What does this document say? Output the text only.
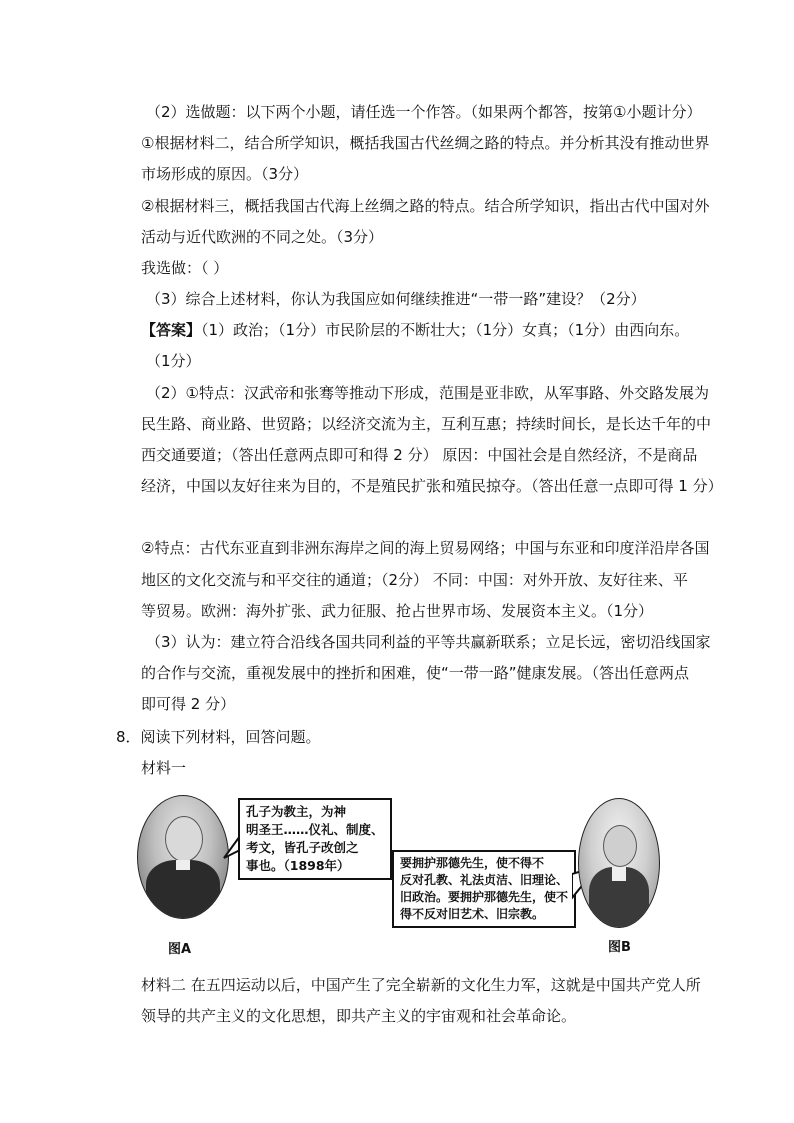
（2）选做题：以下两个小题，请任选一个作答。（如果两个都答，按第①小题计分）
①根据材料二，结合所学知识，概括我国古代丝绸之路的特点。并分析其没有推动世界
市场形成的原因。（3分）
②根据材料三，概括我国古代海上丝绸之路的特点。结合所学知识，指出古代中国对外
活动与近代欧洲的不同之处。（3分）
我选做：（ ）
（3）综合上述材料，你认为我国应如何继续推进“一带一路”建设？（2分）
【答案】（1）政治；（1分）市民阶层的不断壮大；（1分）女真；（1分）由西向东。
（1分）
（2）①特点：汉武帝和张骞等推动下形成，范围是亚非欧，从军事路、外交路发展为
民生路、商业路、世贸路；以经济交流为主，互利互惠；持续时间长，是长达千年的中
西交通要道；（答出任意两点即可和得 2 分） 原因：中国社会是自然经济，不是商品
经济，中国以友好往来为目的，不是殖民扩张和殖民掠夺。（答出任意一点即可得 1 分）
②特点：古代东亚直到非洲东海岸之间的海上贸易网络；中国与东亚和印度洋沿岸各国
地区的文化交流与和平交往的通道；（2分） 不同：中国：对外开放、友好往来、平
等贸易。欧洲：海外扩张、武力征服、抢占世界市场、发展资本主义。（1分）
（3）认为：建立符合沿线各国共同利益的平等共赢新联系；立足长远，密切沿线国家
的合作与交流，重视发展中的挫折和困难，使“一带一路”健康发展。（答出任意两点
即可得 2 分）
8．阅读下列材料，回答问题。
材料一
孔子为教主，为神
明圣王……仪礼、制度、
考文，皆孔子改创之
事也。（1898年）
图A
要拥护那德先生，使不得不
反对孔教、礼法贞洁、旧理论、
旧政治。要拥护那德先生，使不
得不反对旧艺术、旧宗教。
图B
材料二 在五四运动以后，中国产生了完全崭新的文化生力军，这就是中国共产党人所
领导的共产主义的文化思想，即共产主义的宇宙观和社会革命论。
